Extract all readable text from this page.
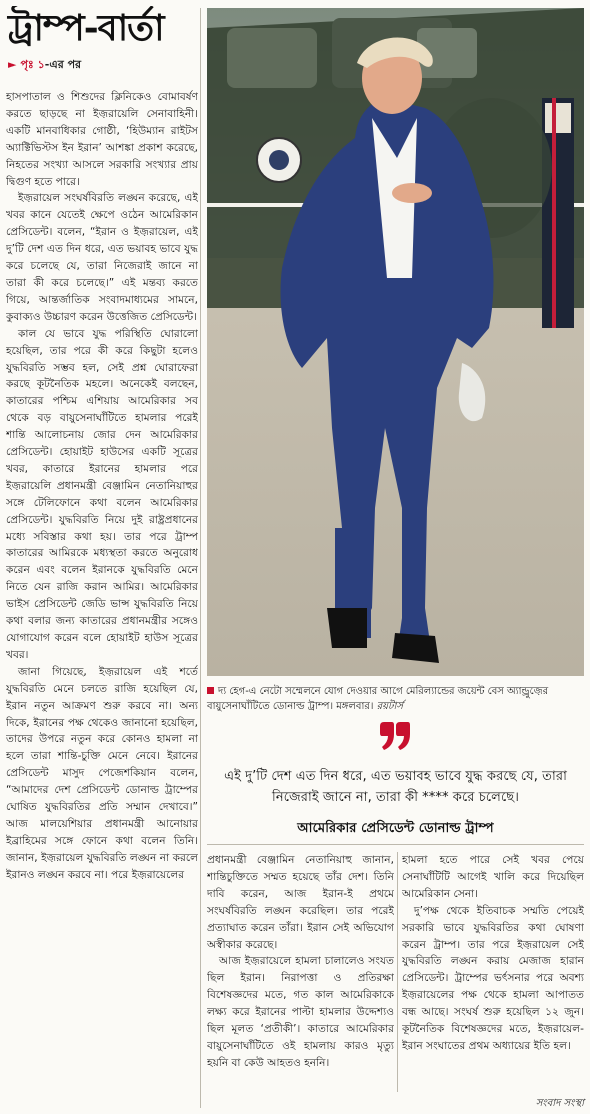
ট্রাম্প-বার্তা
► পৃঃ ১-এর পর

হাসপাতাল ও শিশুদের ক্লিনিকেও বোমাবর্ষণ করতে ছাড়ছে না ইজ়রায়েলি সেনাবাহিনী। একটি মানবাধিকার গোষ্ঠী, ‘হিউম্যান রাইটস অ্যাক্টিভিস্টস ইন ইরান’ আশঙ্কা প্রকাশ করেছে, নিহতের সংখ্যা আসলে সরকারি সংখ্যার প্রায় দ্বিগুণ হতে পারে।

ইজ়রায়েল সংঘর্ষবিরতি লঙ্ঘন করেছে, এই খবর কানে যেতেই ক্ষেপে ওঠেন আমেরিকান প্রেসিডেন্ট। বলেন, “ইরান ও ইজ়রায়েল, এই দু’টি দেশ এত দিন ধরে, এত ভয়াবহ ভাবে যুদ্ধ করে চলেছে যে, তারা নিজেরাই জানে না তারা কী করে চলেছে।” এই মন্তব্য করতে গিয়ে, আন্তর্জাতিক সংবাদমাধ্যমের সামনে, কুবাক্যও উচ্চারণ করেন উত্তেজিত প্রেসিডেন্ট।

কাল যে ভাবে যুদ্ধ পরিস্থিতি ঘোরালো হয়েছিল, তার পরে কী করে কিছুটা হলেও যুদ্ধবিরতি সম্ভব হল, সেই প্রশ্ন ঘোরাফেরা করছে কূটনৈতিক মহলে। অনেকেই বলছেন, কাতারের পশ্চিম এশিয়ায় আমেরিকার সব থেকে বড় বায়ুসেনাঘাঁটিতে হামলার পরেই শান্তি আলোচনায় জোর দেন আমেরিকার প্রেসিডেন্ট। হোয়াইট হাউসের একটি সূত্রের খবর, কাতারে ইরানের হামলার পরে ইজ়রায়েলি প্রধানমন্ত্রী বেঞ্জামিন নেতানিয়াহুর সঙ্গে টেলিফোনে কথা বলেন আমেরিকার প্রেসিডেন্ট। যুদ্ধবিরতি নিয়ে দুই রাষ্ট্রপ্রধানের মধ্যে সবিস্তার কথা হয়। তার পরে ট্রাম্প কাতারের আমিরকে মধ্যস্থতা করতে অনুরোধ করেন এবং বলেন ইরানকে যুদ্ধবিরতি মেনে নিতে যেন রাজি করান আমির। আমেরিকার ভাইস প্রেসিডেন্ট জেডি ভান্স যুদ্ধবিরতি নিয়ে কথা বলার জন্য কাতারের প্রধানমন্ত্রীর সঙ্গেও যোগাযোগ করেন বলে হোয়াইট হাউস সূত্রের খবর।

জানা গিয়েছে, ইজ়রায়েল এই শর্তে যুদ্ধবিরতি মেনে চলতে রাজি হয়েছিল যে, ইরান নতুন আক্রমণ শুরু করবে না। অন্য দিকে, ইরানের পক্ষ থেকেও জানানো হয়েছিল, তাদের উপরে নতুন করে কোনও হামলা না হলে তারা শান্তি-চুক্তি মেনে নেবে। ইরানের প্রেসিডেন্ট মাসুদ পেজেশকিয়ান বলেন, “আমাদের দেশ প্রেসিডেন্ট ডোনাল্ড ট্রাম্পের ঘোষিত যুদ্ধবিরতির প্রতি সম্মান দেখাবে।” আজ মালয়েশিয়ার প্রধানমন্ত্রী আনোয়ার ইব্রাহিমের সঙ্গে ফোনে কথা বলেন তিনি। জানান, ইজ়রায়েল যুদ্ধবিরতি লঙ্ঘন না করলে ইরানও লঙ্ঘন করবে না। পরে ইজ়রায়েলের

দ্য হেগ-এ নেটো সম্মেলনে যোগ দেওয়ার আগে মেরিল্যান্ডের জয়েন্ট বেস অ্যান্ড্রুজ়ের বায়ুসেনাঘাঁটিতে ডোনাল্ড ট্রাম্প। মঙ্গলবার। রয়টার্স
এই দু’টি দেশ এত দিন ধরে, এত ভয়াবহ ভাবে যুদ্ধ করছে যে, তারা নিজেরাই জানে না, তারা কী **** করে চলেছে।
আমেরিকার প্রেসিডেন্ট ডোনাল্ড ট্রাম্প

প্রধানমন্ত্রী বেঞ্জামিন নেতানিয়াহু জানান, শান্তিচুক্তিতে সম্মত হয়েছে তাঁর দেশ। তিনি দাবি করেন, আজ ইরান-ই প্রথমে সংঘর্ষবিরতি লঙ্ঘন করেছিল। তার পরেই প্রত্যাঘাত করেন তাঁরা। ইরান সেই অভিযোগ অস্বীকার করেছে।

আজ ইজ়রায়েলে হামলা চালালেও সংযত ছিল ইরান। নিরাপত্তা ও প্রতিরক্ষা বিশেষজ্ঞদের মতে, গত কাল আমেরিকাকে লক্ষ্য করে ইরানের পাল্টা হামলার উদ্দেশ্যও ছিল মূলত ‘প্রতীকী’। কাতারে আমেরিকার বায়ুসেনাঘাঁটিতে ওই হামলায় কারও মৃত্যু হয়নি বা কেউ আহতও হননি।

হামলা হতে পারে সেই খবর পেয়ে সেনাঘাঁটিটি আগেই খালি করে দিয়েছিল আমেরিকান সেনা।

দু’পক্ষ থেকে ইতিবাচক সম্মতি পেয়েই সরকারি ভাবে যুদ্ধবিরতির কথা ঘোষণা করেন ট্রাম্প। তার পরে ইজ়রায়েল সেই যুদ্ধবিরতি লঙ্ঘন করায় মেজাজ হারান প্রেসিডেন্ট। ট্রাম্পের ভর্ৎসনার পরে অবশ্য ইজ়রায়েলের পক্ষ থেকে হামলা আপাতত বন্ধ আছে। সংঘর্ষ শুরু হয়েছিল ১২ জুন। কূটনৈতিক বিশেষজ্ঞদের মতে, ইজ়রায়েল-ইরান সংঘাতের প্রথম অধ্যায়ের ইতি হল।

সংবাদ সংস্থা
